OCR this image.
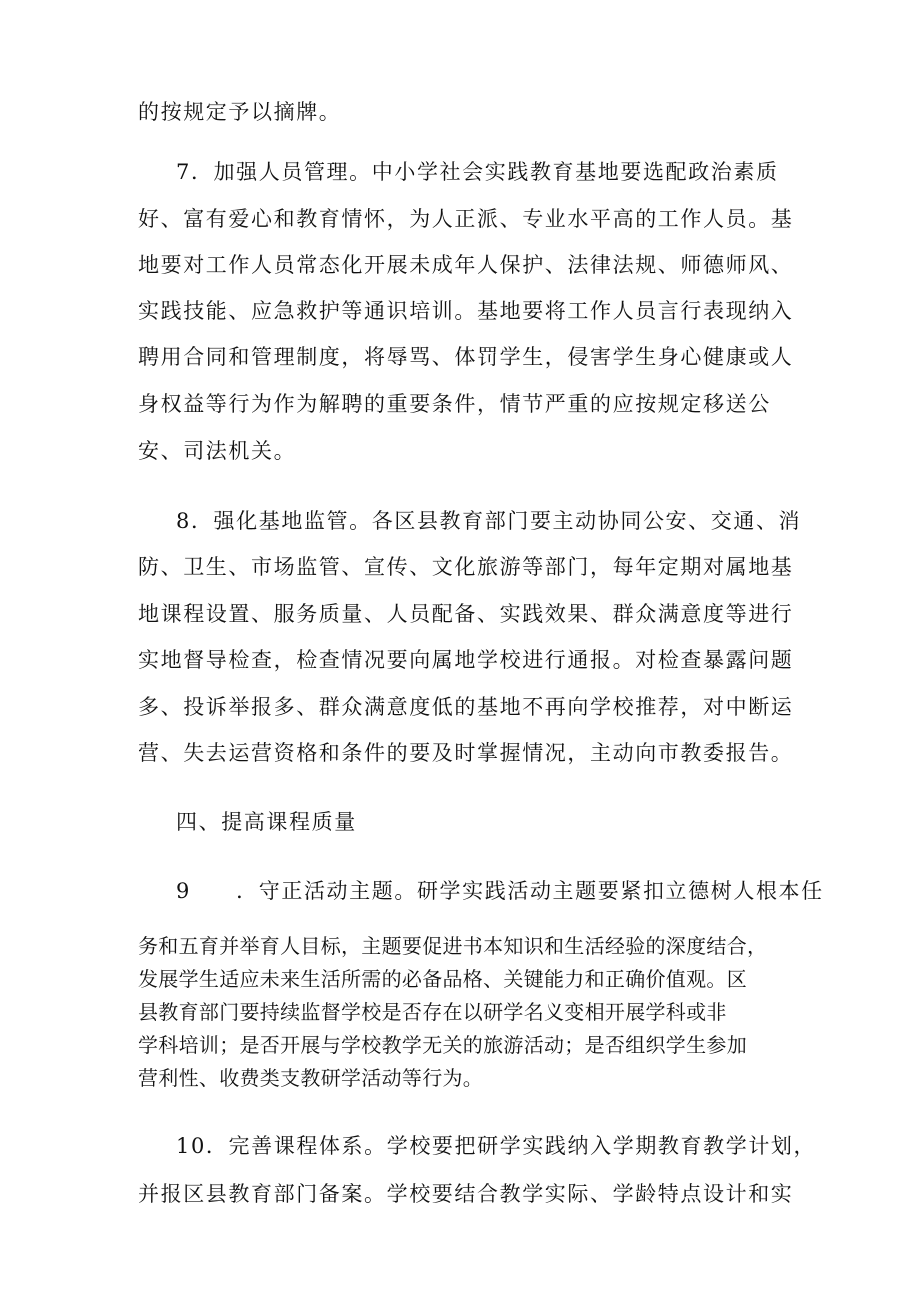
的按规定予以摘牌。
7．加强人员管理。中小学社会实践教育基地要选配政治素质
好、富有爱心和教育情怀，为人正派、专业水平高的工作人员。基
地要对工作人员常态化开展未成年人保护、法律法规、师德师风、
实践技能、应急救护等通识培训。基地要将工作人员言行表现纳入
聘用合同和管理制度，将辱骂、体罚学生，侵害学生身心健康或人
身权益等行为作为解聘的重要条件，情节严重的应按规定移送公
安、司法机关。
8．强化基地监管。各区县教育部门要主动协同公安、交通、消
防、卫生、市场监管、宣传、文化旅游等部门，每年定期对属地基
地课程设置、服务质量、人员配备、实践效果、群众满意度等进行
实地督导检查，检查情况要向属地学校进行通报。对检查暴露问题
多、投诉举报多、群众满意度低的基地不再向学校推荐，对中断运
营、失去运营资格和条件的要及时掌握情况，主动向市教委报告。
四、提高课程质量
9　　．守正活动主题。研学实践活动主题要紧扣立德树人根本任
务和五育并举育人目标，主题要促进书本知识和生活经验的深度结合，
发展学生适应未来生活所需的必备品格、关键能力和正确价值观。区
县教育部门要持续监督学校是否存在以研学名义变相开展学科或非
学科培训；是否开展与学校教学无关的旅游活动；是否组织学生参加
营利性、收费类支教研学活动等行为。
10．完善课程体系。学校要把研学实践纳入学期教育教学计划，
并报区县教育部门备案。学校要结合教学实际、学龄特点设计和实
